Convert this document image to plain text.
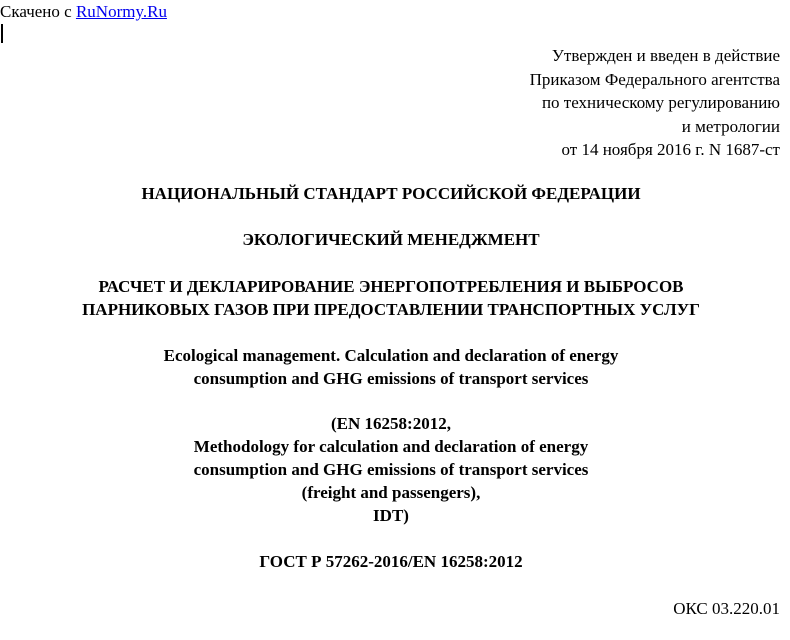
Скачено с RuNormy.Ru
Утвержден и введен в действие
Приказом Федерального агентства
по техническому регулированию
и метрологии
от 14 ноября 2016 г. N 1687-ст
НАЦИОНАЛЬНЫЙ СТАНДАРТ РОССИЙСКОЙ ФЕДЕРАЦИИ
ЭКОЛОГИЧЕСКИЙ МЕНЕДЖМЕНТ
РАСЧЕТ И ДЕКЛАРИРОВАНИЕ ЭНЕРГОПОТРЕБЛЕНИЯ И ВЫБРОСОВ
ПАРНИКОВЫХ ГАЗОВ ПРИ ПРЕДОСТАВЛЕНИИ ТРАНСПОРТНЫХ УСЛУГ
Ecological management. Calculation and declaration of energy
consumption and GHG emissions of transport services
(EN 16258:2012,
Methodology for calculation and declaration of energy
consumption and GHG emissions of transport services
(freight and passengers),
IDT)
ГОСТ Р 57262-2016/EN 16258:2012
ОКС 03.220.01
